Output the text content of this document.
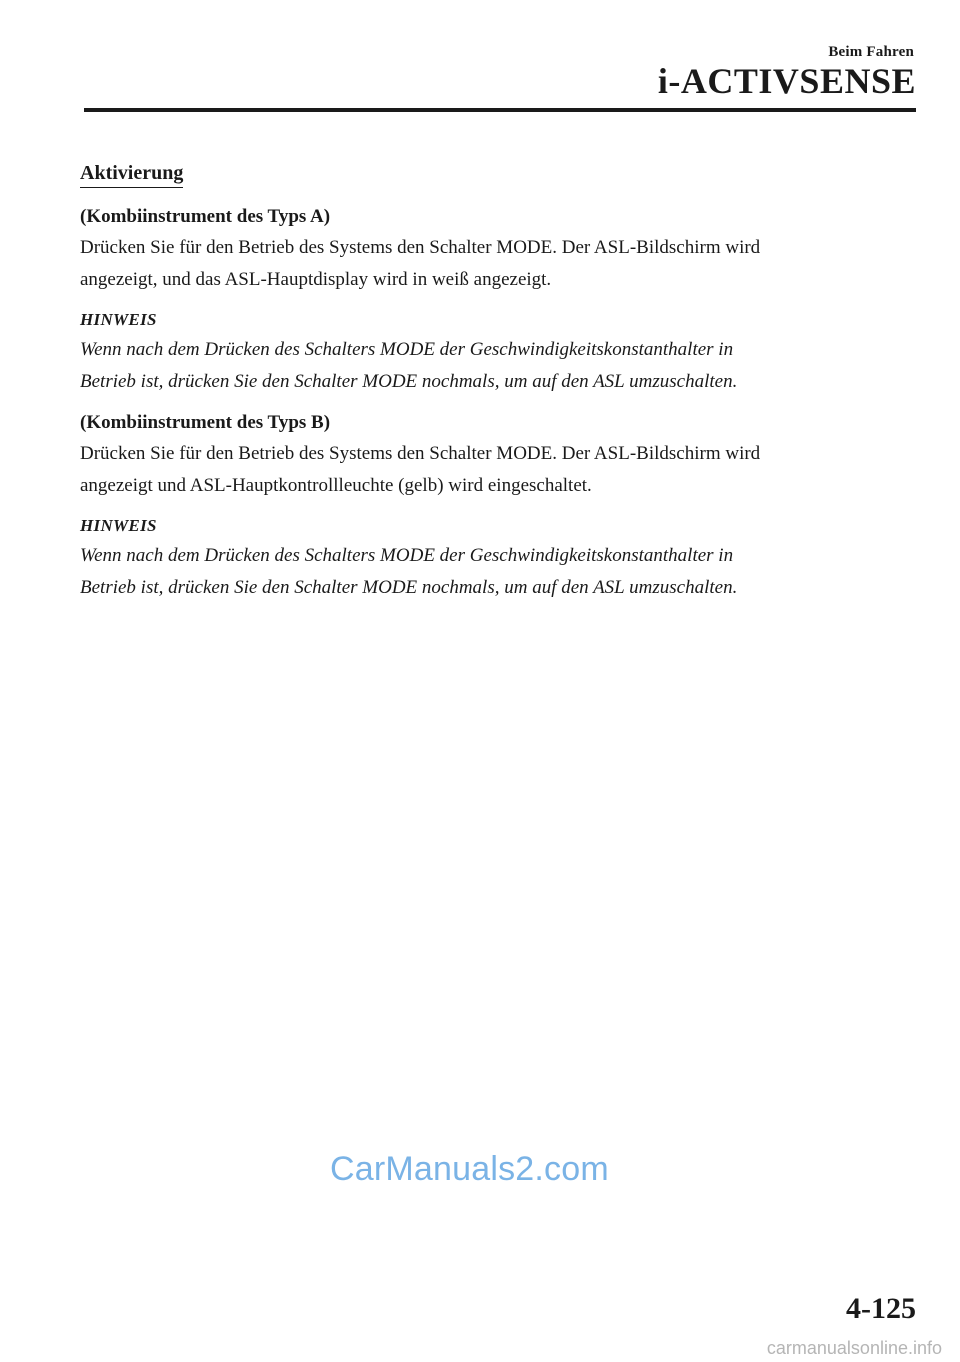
Beim Fahren
i-ACTIVSENSE
Aktivierung

(Kombiinstrument des Typs A)

Drücken Sie für den Betrieb des Systems den Schalter MODE. Der ASL-Bildschirm wird
angezeigt, und das ASL-Hauptdisplay wird in weiß angezeigt.

HINWEIS

Wenn nach dem Drücken des Schalters MODE der Geschwindigkeitskonstanthalter in
Betrieb ist, drücken Sie den Schalter MODE nochmals, um auf den ASL umzuschalten.

(Kombiinstrument des Typs B)

Drücken Sie für den Betrieb des Systems den Schalter MODE. Der ASL-Bildschirm wird
angezeigt und ASL-Hauptkontrollleuchte (gelb) wird eingeschaltet.

HINWEIS

Wenn nach dem Drücken des Schalters MODE der Geschwindigkeitskonstanthalter in
Betrieb ist, drücken Sie den Schalter MODE nochmals, um auf den ASL umzuschalten.

CarManuals2.com
4-125
carmanualsonline.info
